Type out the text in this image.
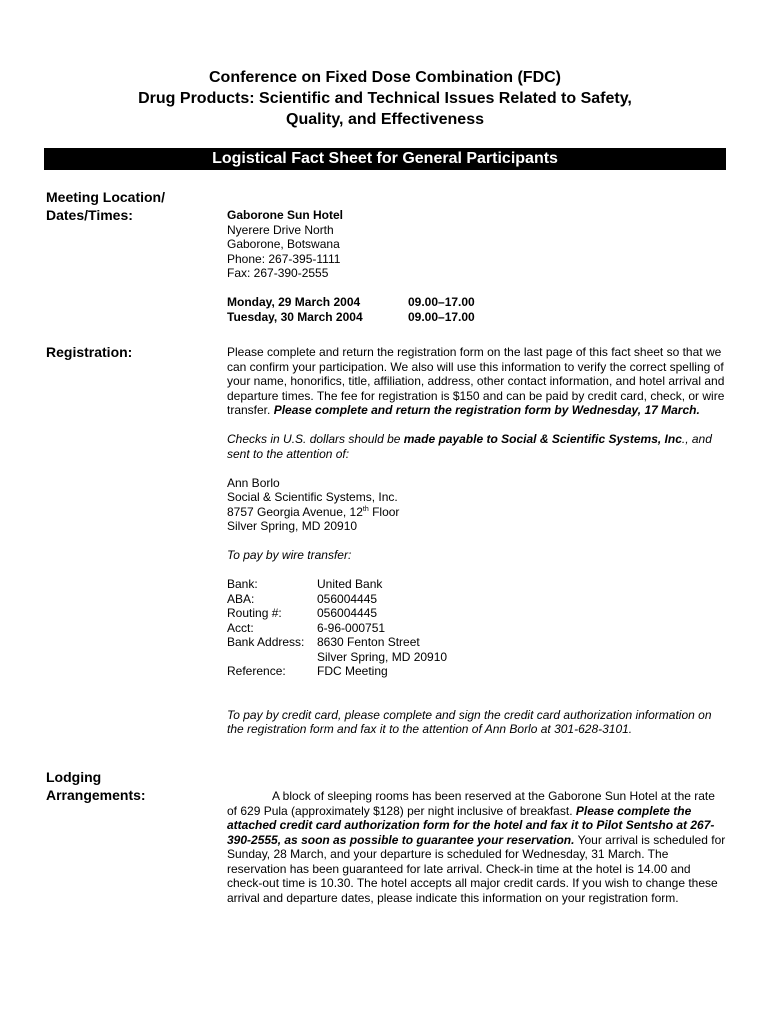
Conference on Fixed Dose Combination (FDC)
Drug Products: Scientific and Technical Issues Related to Safety,
Quality, and Effectiveness
Logistical Fact Sheet for General Participants
Meeting Location/
Dates/Times:	Gaborone Sun Hotel
Nyerere Drive North
Gaborone, Botswana
Phone: 267-395-1111
Fax: 267-390-2555
Monday, 29 March 2004	09.00–17.00
Tuesday, 30 March 2004	09.00–17.00
Registration:	Please complete and return the registration form on the last page of this fact sheet so that we can confirm your participation. We also will use this information to verify the correct spelling of your name, honorifics, title, affiliation, address, other contact information, and hotel arrival and departure times. The fee for registration is $150 and can be paid by credit card, check, or wire transfer. Please complete and return the registration form by Wednesday, 17 March.

Checks in U.S. dollars should be made payable to Social & Scientific Systems, Inc., and sent to the attention of:

Ann Borlo
Social & Scientific Systems, Inc.
8757 Georgia Avenue, 12th Floor
Silver Spring, MD 20910
To pay by wire transfer:
Bank:	United Bank
ABA:	056004445
Routing #:	056004445
Acct:	6-96-000751
Bank Address:	8630 Fenton Street
Silver Spring, MD 20910
Reference:	FDC Meeting

To pay by credit card, please complete and sign the credit card authorization information on the registration form and fax it to the attention of Ann Borlo at 301-628-3101.

Lodging
Arrangements:	A block of sleeping rooms has been reserved at the Gaborone Sun Hotel at the rate of 629 Pula (approximately $128) per night inclusive of breakfast. Please complete the attached credit card authorization form for the hotel and fax it to Pilot Sentsho at 267-390-2555, as soon as possible to guarantee your reservation. Your arrival is scheduled for Sunday, 28 March, and your departure is scheduled for Wednesday, 31 March. The reservation has been guaranteed for late arrival. Check-in time at the hotel is 14.00 and check-out time is 10.30. The hotel accepts all major credit cards. If you wish to change these arrival and departure dates, please indicate this information on your registration form.
